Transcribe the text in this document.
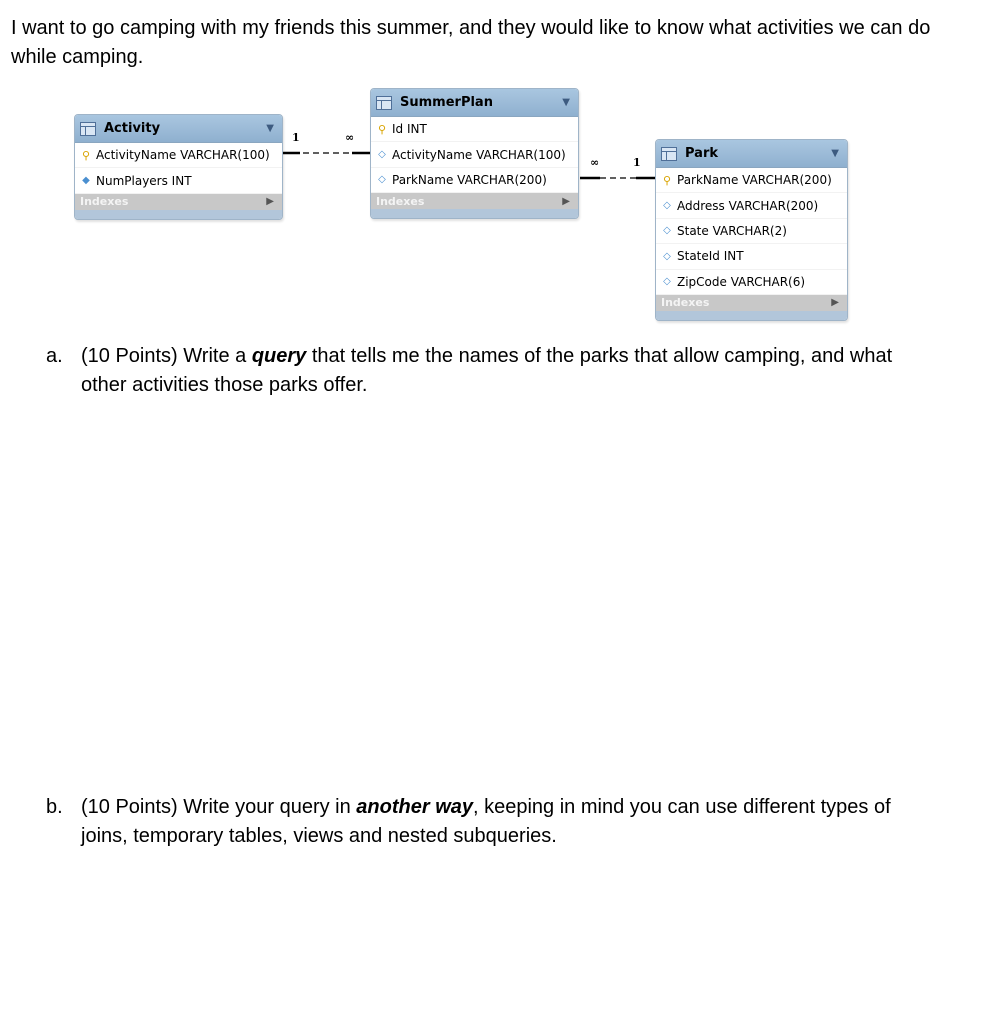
I want to go camping with my friends this summer, and they would like to know what activities we can do while camping.

1	∞
∞	1
Activity	▼
⚲ ActivityName VARCHAR(100)
◆ NumPlayers INT
Indexes	▶
SummerPlan	▼
⚲ Id INT
◇ ActivityName VARCHAR(100)
◇ ParkName VARCHAR(200)
Indexes	▶
Park	▼
⚲ ParkName VARCHAR(200)
◇ Address VARCHAR(200)
◇ State VARCHAR(2)
◇ StateId INT
◇ ZipCode VARCHAR(6)
Indexes	▶
a. (10 Points) Write a query that tells me the names of the parks that allow camping, and what other activities those parks offer.
b. (10 Points) Write your query in another way, keeping in mind you can use different types of joins, temporary tables, views and nested subqueries.
